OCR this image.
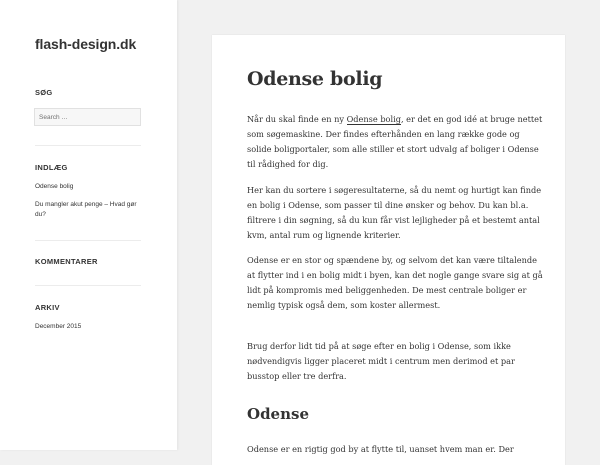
flash-design.dk
SØG
Search …
INDLÆG
Odense bolig
Du mangler akut penge – Hvad gør du?
KOMMENTARER
ARKIV
December 2015
Odense bolig

Når du skal finde en ny Odense bolig, er det en god idé at bruge nettet som søgemaskine. Der findes efterhånden en lang række gode og solide boligportaler, som alle stiller et stort udvalg af boliger i Odense til rådighed for dig.

Her kan du sortere i søgeresultaterne, så du nemt og hurtigt kan finde en bolig i Odense, som passer til dine ønsker og behov. Du kan bl.a. filtrere i din søgning, så du kun får vist lejligheder på et bestemt antal kvm, antal rum og lignende kriterier.

Odense er en stor og spændene by, og selvom det kan være tiltalende at flytter ind i en bolig midt i byen, kan det nogle gange svare sig at gå lidt på kompromis med beliggenheden. De mest centrale boliger er nemlig typisk også dem, som koster allermest.

Brug derfor lidt tid på at søge efter en bolig i Odense, som ikke nødvendigvis ligger placeret midt i centrum men derimod et par busstop eller tre derfra.

Odense

Odense er en rigtig god by at flytte til, uanset hvem man er. Der
